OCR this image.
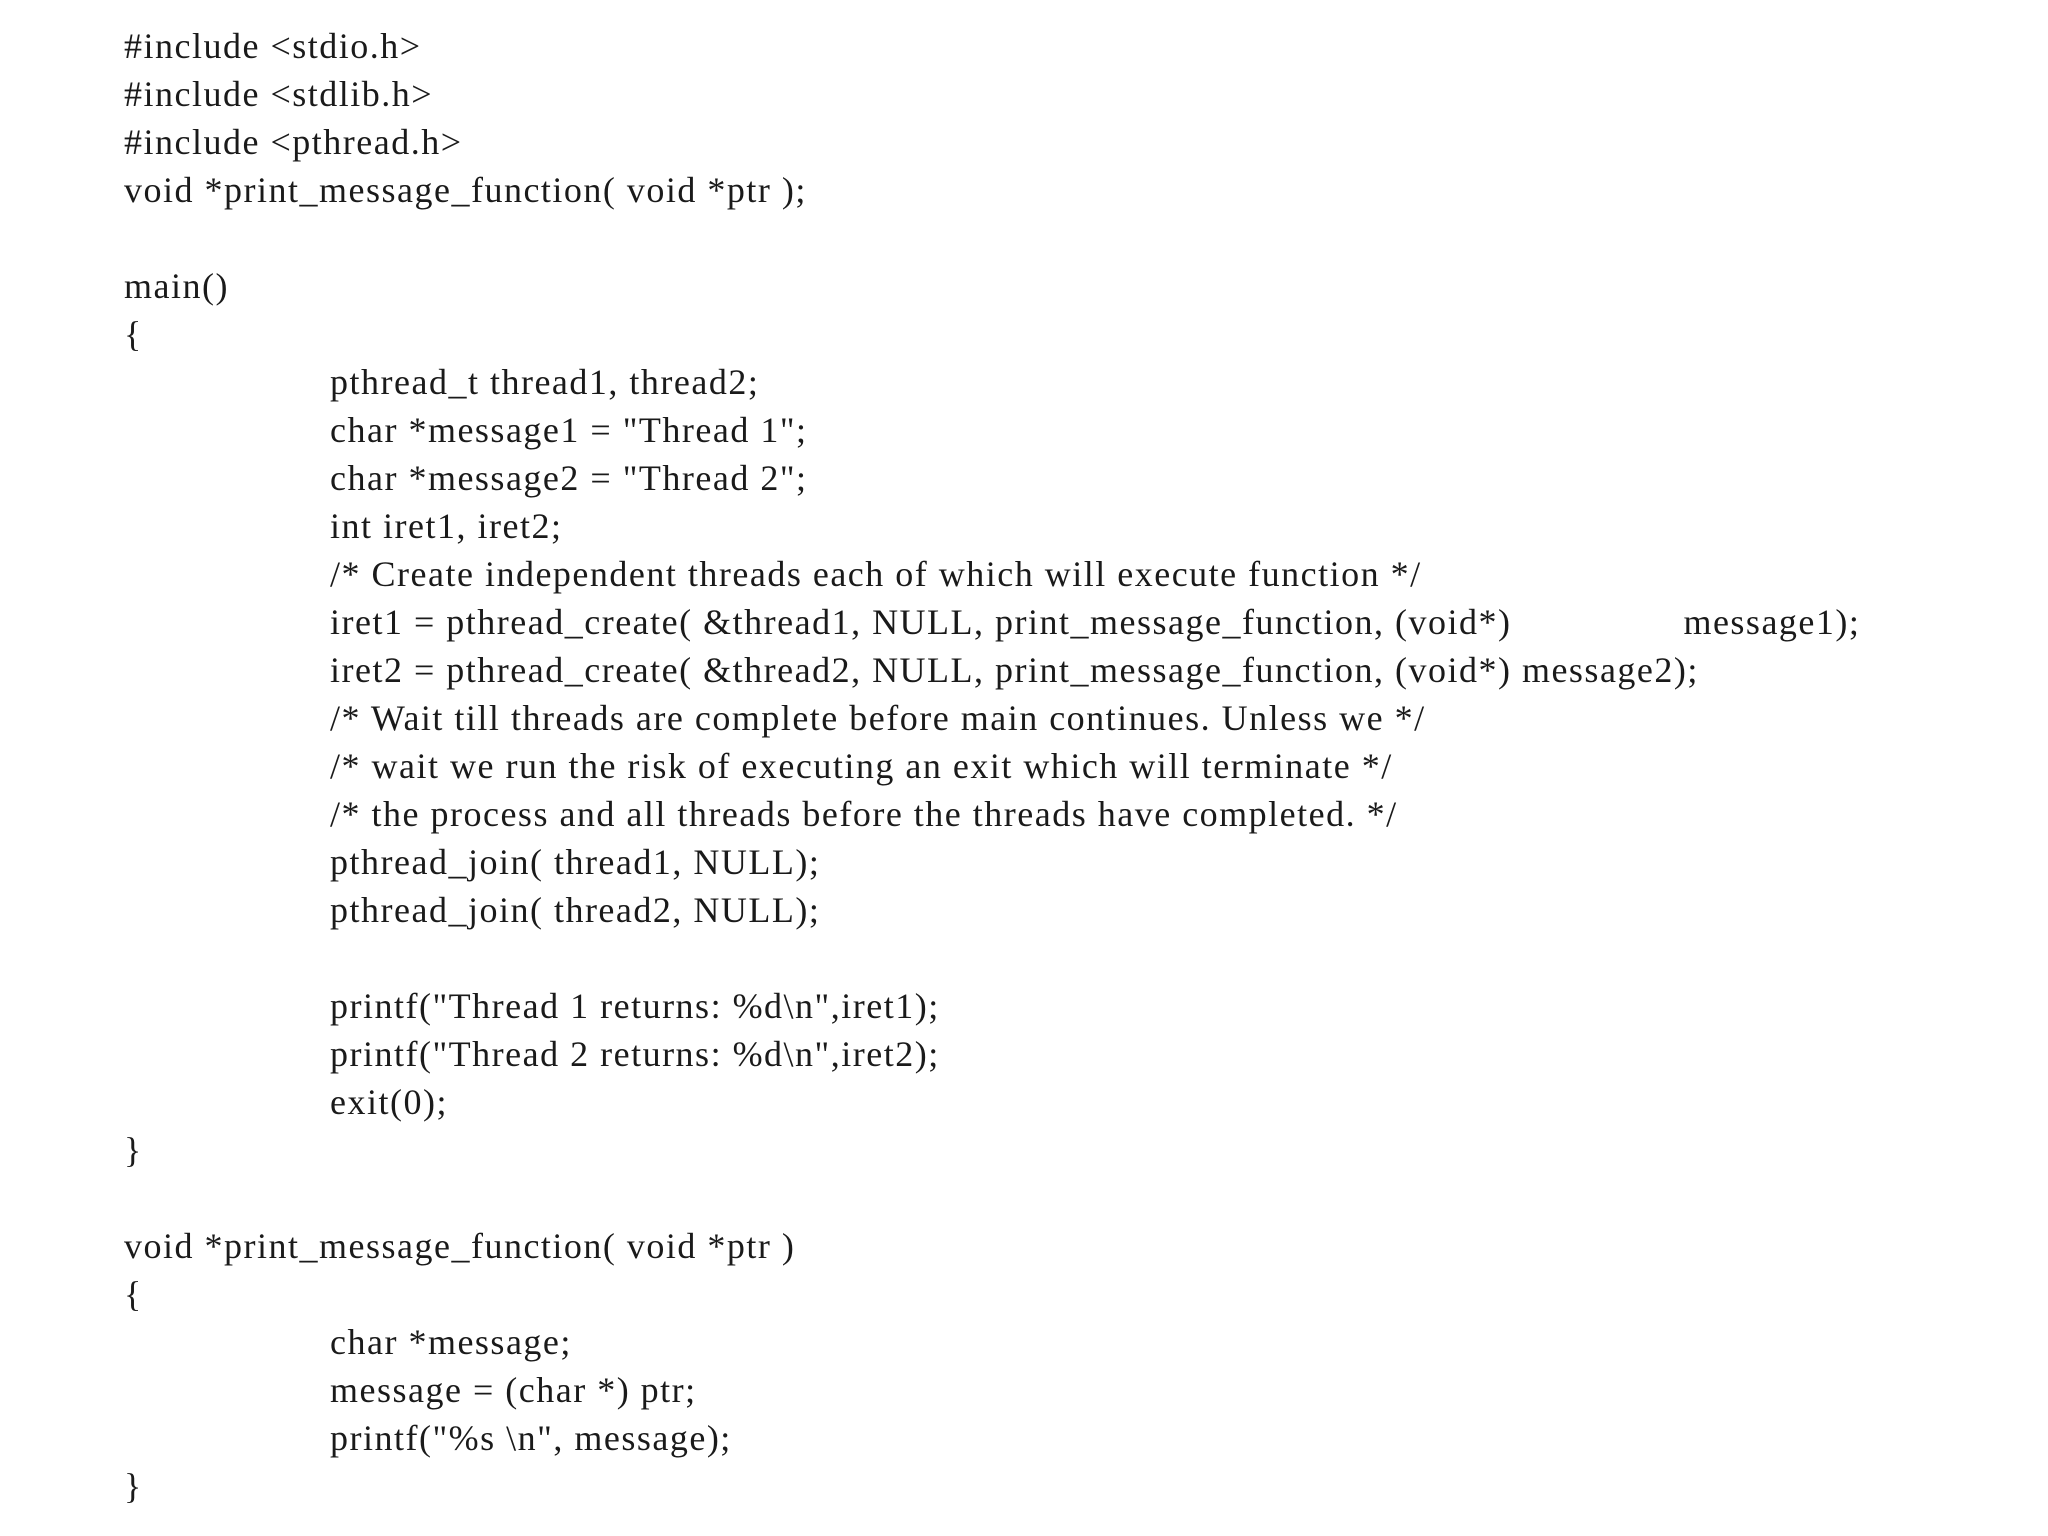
#include <stdio.h>
#include <stdlib.h>
#include <pthread.h>
void *print_message_function( void *ptr );
main()
{
pthread_t thread1, thread2;
char *message1 = "Thread 1";
char *message2 = "Thread 2";
int iret1, iret2;
/* Create independent threads each of which will execute function */
iret1 = pthread_create( &thread1, NULL, print_message_function, (void*)	message1);
iret2 = pthread_create( &thread2, NULL, print_message_function, (void*) message2);
/* Wait till threads are complete before main continues. Unless we */
/* wait we run the risk of executing an exit which will terminate */
/* the process and all threads before the threads have completed. */
pthread_join( thread1, NULL);
pthread_join( thread2, NULL);
printf("Thread 1 returns: %d\n",iret1);
printf("Thread 2 returns: %d\n",iret2);
exit(0);
}
void *print_message_function( void *ptr )
{
char *message;
message = (char *) ptr;
printf("%s \n", message);
}
